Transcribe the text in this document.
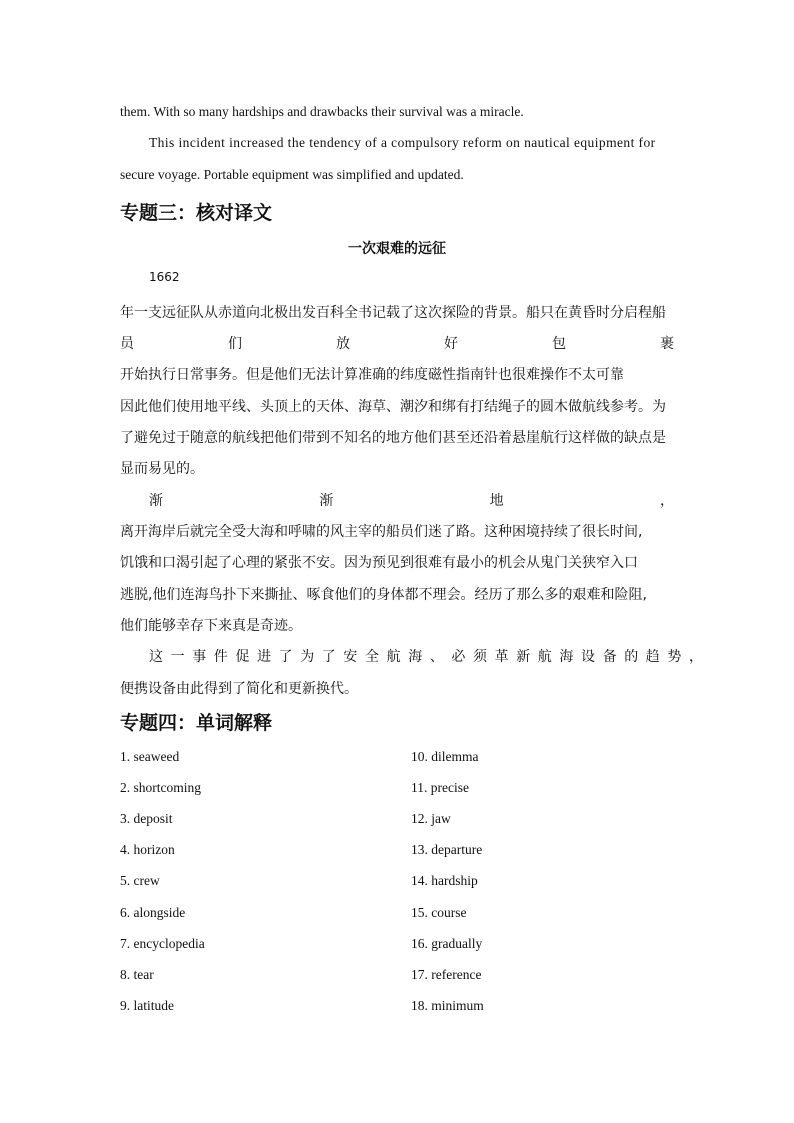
them. With so many hardships and drawbacks their survival was a miracle.
This incident increased the tendency of a compulsory reform on nautical equipment for
secure voyage. Portable equipment was simplified and updated.
专题三：核对译文
一次艰难的远征
1662
年一支远征队从赤道向北极出发百科全书记载了这次探险的背景。船只在黄昏时分启程船
员	们	放	好	包	裹
开始执行日常事务。但是他们无法计算准确的纬度磁性指南针也很难操作不太可靠
因此他们使用地平线、头顶上的天体、海草、潮汐和绑有打结绳子的圆木做航线参考。为
了避免过于随意的航线把他们带到不知名的地方他们甚至还沿着悬崖航行这样做的缺点是
显而易见的。
渐	渐	地	，
离开海岸后就完全受大海和呼啸的风主宰的船员们迷了路。这种困境持续了很长时间,
饥饿和口渴引起了心理的紧张不安。因为预见到很难有最小的机会从鬼门关狭窄入口
逃脱,他们连海鸟扑下来撕扯、啄食他们的身体都不理会。经历了那么多的艰难和险阻,
他们能够幸存下来真是奇迹。
这一事件促进了为了安全航海、必须革新航海设备的趋势，
便携设备由此得到了简化和更新换代。
专题四：单词解释
1. seaweed
2. shortcoming
3. deposit
4. horizon
5. crew
6. alongside
7. encyclopedia
8. tear
9. latitude
10. dilemma
11. precise
12. jaw
13. departure
14. hardship
15. course
16. gradually
17. reference
18. minimum
